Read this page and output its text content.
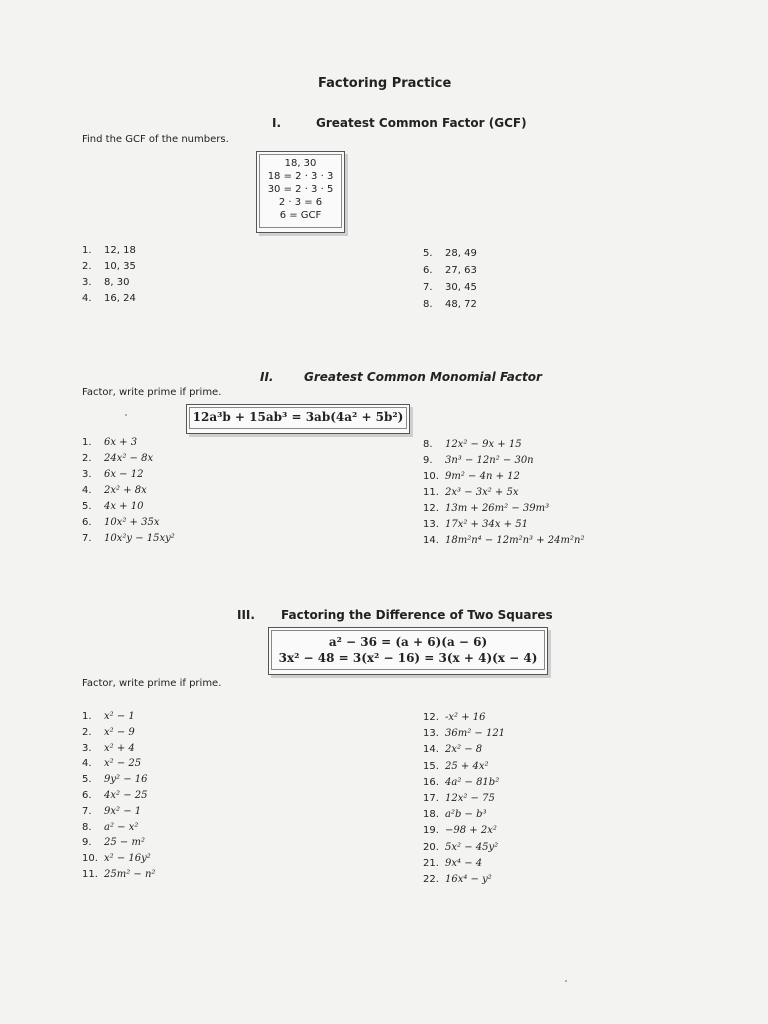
Factoring Practice
I.	Greatest Common Factor (GCF)
Find the GCF of the numbers.
18, 30
18 = 2 · 3 · 3
30 = 2 · 3 · 5
2 · 3 = 6
6 = GCF
1. 12, 18
2. 10, 35
3. 8, 30
4. 16, 24
5. 28, 49
6. 27, 63
7. 30, 45
8. 48, 72
II.	Greatest Common Monomial Factor
Factor, write prime if prime.
12a³b + 15ab³ = 3ab(4a² + 5b²)
1. 6x + 3
2. 24x² − 8x
3. 6x − 12
4. 2x² + 8x
5. 4x + 10
6. 10x² + 35x
7. 10x²y − 15xy²
8. 12x² − 9x + 15
9. 3n³ − 12n² − 30n
10. 9m² − 4n + 12
11. 2x³ − 3x² + 5x
12. 13m + 26m² − 39m³
13. 17x² + 34x + 51
14. 18m²n⁴ − 12m²n³ + 24m²n²
III. Factoring the Difference of Two Squares
a² − 36 = (a + 6)(a − 6)
3x² − 48 = 3(x² − 16) = 3(x + 4)(x − 4)
Factor, write prime if prime.
1. x² − 1
2. x² − 9
3. x² + 4
4. x² − 25
5. 9y² − 16
6. 4x² − 25
7. 9x² − 1
8. a² − x²
9. 25 − m²
10. x² − 16y²
11. 25m² − n²
12. -x² + 16
13. 36m² − 121
14. 2x² − 8
15. 25 + 4x²
16. 4a² − 81b²
17. 12x² − 75
18. a²b − b³
19. −98 + 2x²
20. 5x² − 45y²
21. 9x⁴ − 4
22. 16x⁴ − y²
